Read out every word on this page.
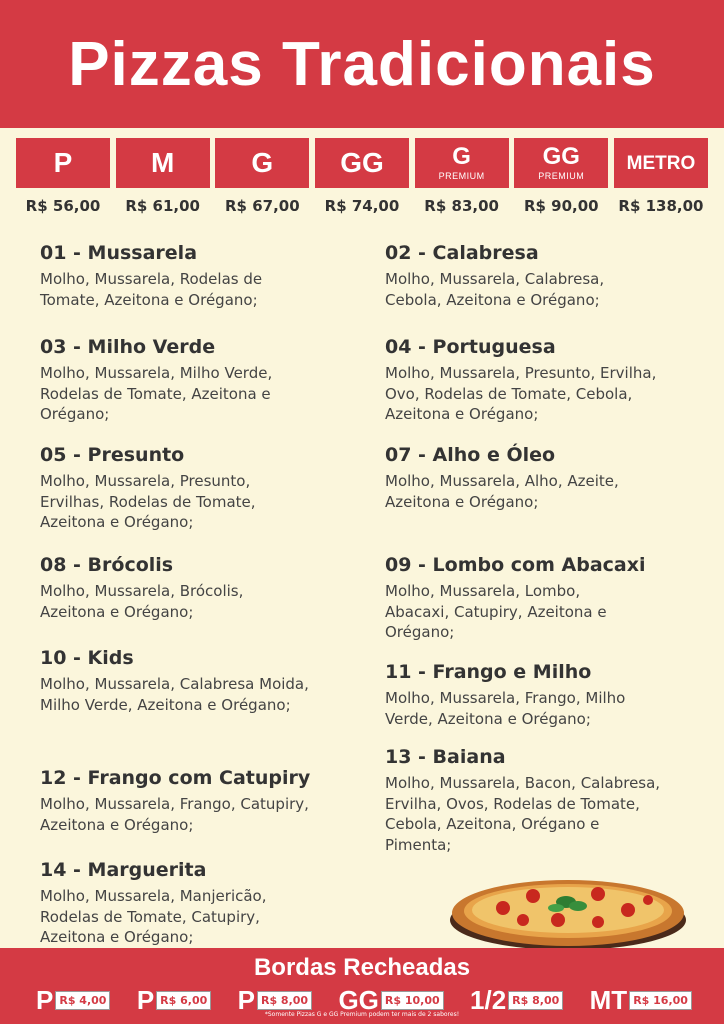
Pizzas Tradicionais
P
R$ 56,00
M
R$ 61,00
G
R$ 67,00
GG
R$ 74,00
G
PREMIUM
R$ 83,00
GG
PREMIUM
R$ 90,00
METRO
R$ 138,00
01 - Mussarela
Molho, Mussarela, Rodelas de Tomate, Azeitona e Orégano;
02 - Calabresa
Molho, Mussarela, Calabresa, Cebola, Azeitona e Orégano;
03 - Milho Verde
Molho, Mussarela, Milho Verde, Rodelas de Tomate, Azeitona e Orégano;
04 - Portuguesa
Molho, Mussarela, Presunto, Ervilha, Ovo, Rodelas de Tomate, Cebola, Azeitona e Orégano;
05 - Presunto
Molho, Mussarela, Presunto, Ervilhas, Rodelas de Tomate, Azeitona e Orégano;
07 - Alho e Óleo
Molho, Mussarela, Alho, Azeite, Azeitona e Orégano;
08 - Brócolis
Molho, Mussarela, Brócolis, Azeitona e Orégano;
09 - Lombo com Abacaxi
Molho, Mussarela, Lombo, Abacaxi, Catupiry, Azeitona e Orégano;
10 - Kids
Molho, Mussarela, Calabresa Moida, Milho Verde, Azeitona e Orégano;
11 - Frango e Milho
Molho, Mussarela, Frango, Milho Verde, Azeitona e Orégano;
12 - Frango com Catupiry
Molho, Mussarela, Frango, Catupiry, Azeitona e Orégano;
13 - Baiana
Molho, Mussarela, Bacon, Calabresa, Ervilha, Ovos, Rodelas de Tomate, Cebola, Azeitona, Orégano e Pimenta;
14 - Marguerita
Molho, Mussarela, Manjericão, Rodelas de Tomate, Catupiry, Azeitona e Orégano;
Bordas Recheadas
P R$ 4,00 P R$ 6,00 P R$ 8,00 GG R$ 10,00 1/2 R$ 8,00 MT R$ 16,00
*Somente Pizzas G e GG Premium podem ter mais de 2 sabores!
